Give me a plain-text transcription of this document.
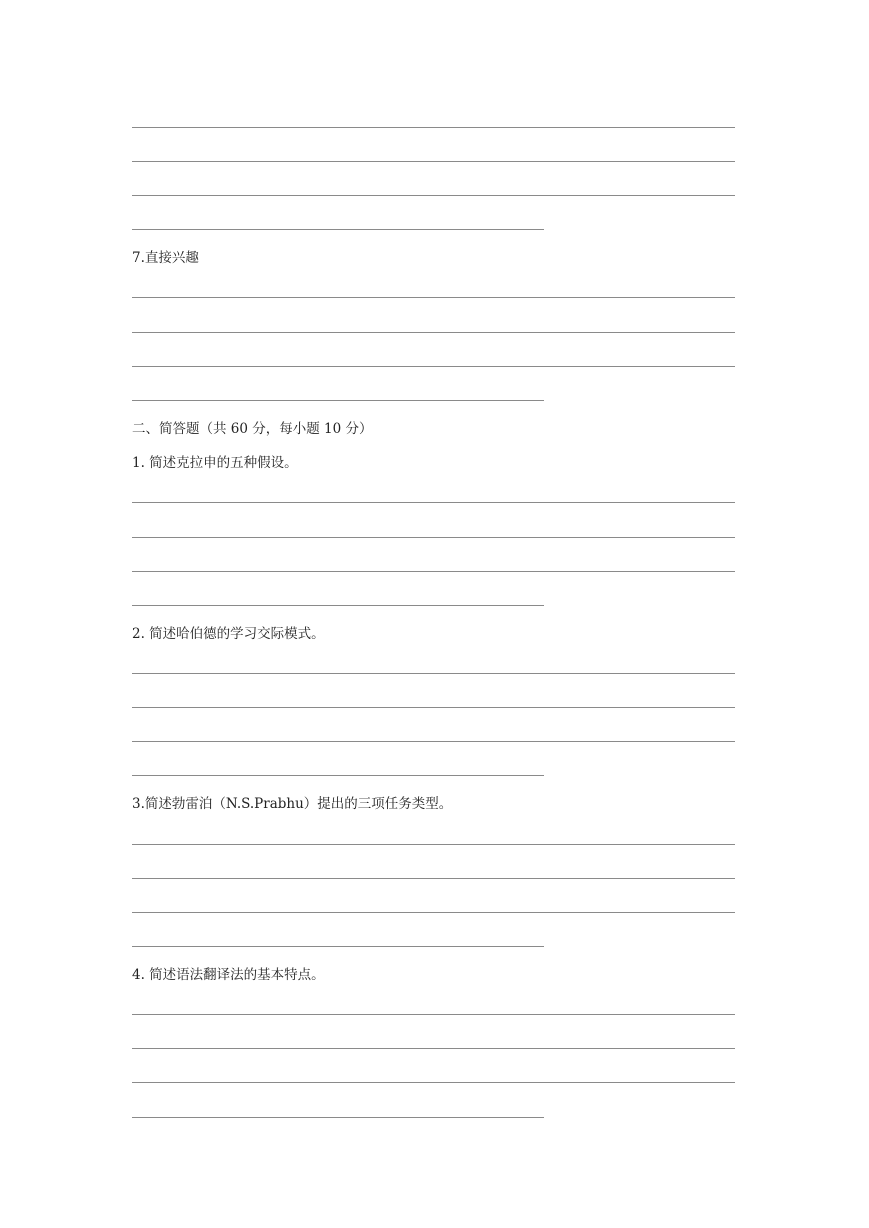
7.直接兴趣
二、简答题（共 60 分，每小题 10 分）
1. 简述克拉申的五种假设。
2. 简述哈伯德的学习交际模式。
3.简述勃雷泊（N.S.Prabhu）提出的三项任务类型。
4. 简述语法翻译法的基本特点。
